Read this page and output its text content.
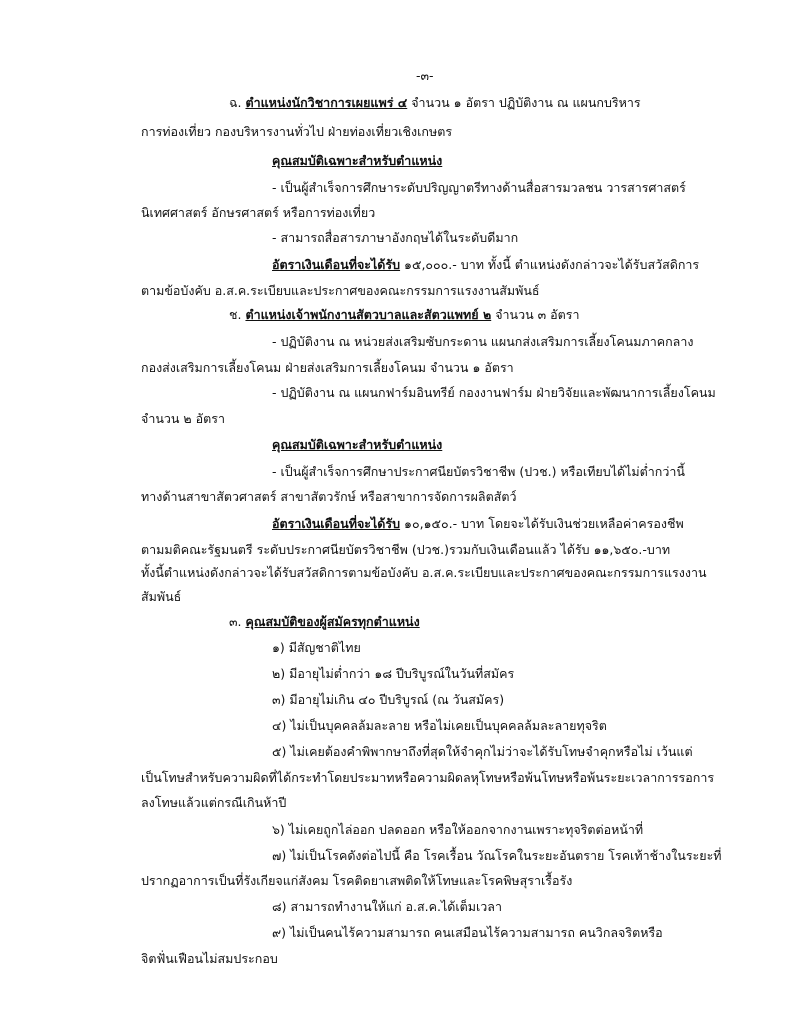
-๓-
ฉ. ตำแหน่งนักวิชาการเผยแพร่ ๔ จำนวน ๑ อัตรา ปฏิบัติงาน ณ แผนกบริหาร
การท่องเที่ยว กองบริหารงานทั่วไป ฝ่ายท่องเที่ยวเชิงเกษตร
คุณสมบัติเฉพาะสำหรับตำแหน่ง
- เป็นผู้สำเร็จการศึกษาระดับปริญญาตรีทางด้านสื่อสารมวลชน วารสารศาสตร์
นิเทศศาสตร์ อักษรศาสตร์ หรือการท่องเที่ยว
- สามารถสื่อสารภาษาอังกฤษได้ในระดับดีมาก
อัตราเงินเดือนที่จะได้รับ ๑๕,๐๐๐.- บาท ทั้งนี้ ตำแหน่งดังกล่าวจะได้รับสวัสดิการ
ตามข้อบังคับ อ.ส.ค.ระเบียบและประกาศของคณะกรรมการแรงงานสัมพันธ์
ช. ตำแหน่งเจ้าพนักงานสัตวบาลและสัตวแพทย์ ๒ จำนวน ๓ อัตรา
- ปฏิบัติงาน ณ หน่วยส่งเสริมซับกระดาน แผนกส่งเสริมการเลี้ยงโคนมภาคกลาง
กองส่งเสริมการเลี้ยงโคนม ฝ่ายส่งเสริมการเลี้ยงโคนม จำนวน ๑ อัตรา
- ปฏิบัติงาน ณ แผนกฟาร์มอินทรีย์ กองงานฟาร์ม ฝ่ายวิจัยและพัฒนาการเลี้ยงโคนม
จำนวน ๒ อัตรา
คุณสมบัติเฉพาะสำหรับตำแหน่ง
- เป็นผู้สำเร็จการศึกษาประกาศนียบัตรวิชาชีพ (ปวช.) หรือเทียบได้ไม่ต่ำกว่านี้
ทางด้านสาขาสัตวศาสตร์ สาขาสัตวรักษ์ หรือสาขาการจัดการผลิตสัตว์
อัตราเงินเดือนที่จะได้รับ ๑๐,๑๕๐.- บาท โดยจะได้รับเงินช่วยเหลือค่าครองชีพ
ตามมติคณะรัฐมนตรี ระดับประกาศนียบัตรวิชาชีพ (ปวช.)รวมกับเงินเดือนแล้ว ได้รับ ๑๑,๖๕๐.-บาท
ทั้งนี้ตำแหน่งดังกล่าวจะได้รับสวัสดิการตามข้อบังคับ อ.ส.ค.ระเบียบและประกาศของคณะกรรมการแรงงาน
สัมพันธ์
๓. คุณสมบัติของผู้สมัครทุกตำแหน่ง
๑) มีสัญชาติไทย
๒) มีอายุไม่ต่ำกว่า ๑๘ ปีบริบูรณ์ในวันที่สมัคร
๓) มีอายุไม่เกิน ๔๐ ปีบริบูรณ์ (ณ วันสมัคร)
๔) ไม่เป็นบุคคลล้มละลาย หรือไม่เคยเป็นบุคคลล้มละลายทุจริต
๕) ไม่เคยต้องคำพิพากษาถึงที่สุดให้จำคุกไม่ว่าจะได้รับโทษจำคุกหรือไม่ เว้นแต่
เป็นโทษสำหรับความผิดที่ได้กระทำโดยประมาทหรือความผิดลหุโทษหรือพ้นโทษหรือพ้นระยะเวลาการรอการ
ลงโทษแล้วแต่กรณีเกินห้าปี
๖) ไม่เคยถูกไล่ออก ปลดออก หรือให้ออกจากงานเพราะทุจริตต่อหน้าที่
๗) ไม่เป็นโรคดังต่อไปนี้ คือ โรคเรื้อน วัณโรคในระยะอันตราย โรคเท้าช้างในระยะที่
ปรากฏอาการเป็นที่รังเกียจแก่สังคม โรคติดยาเสพติดให้โทษและโรคพิษสุราเรื้อรัง
๘) สามารถทำงานให้แก่ อ.ส.ค.ได้เต็มเวลา
๙) ไม่เป็นคนไร้ความสามารถ คนเสมือนไร้ความสามารถ คนวิกลจริตหรือ
จิตฟั่นเฟือนไม่สมประกอบ
